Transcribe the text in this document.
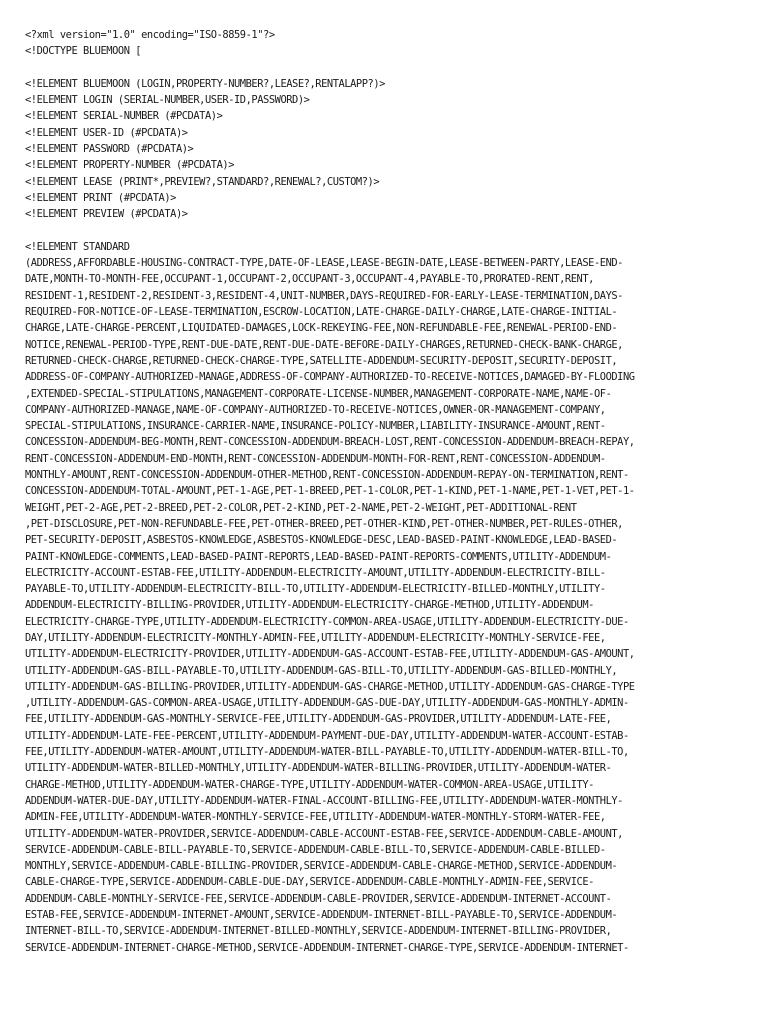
<?xml version="1.0" encoding="ISO-8859-1"?>
<!DOCTYPE BLUEMOON [
<!ELEMENT BLUEMOON (LOGIN,PROPERTY-NUMBER?,LEASE?,RENTALAPP?)>
<!ELEMENT LOGIN (SERIAL-NUMBER,USER-ID,PASSWORD)>
<!ELEMENT SERIAL-NUMBER (#PCDATA)>
<!ELEMENT USER-ID (#PCDATA)>
<!ELEMENT PASSWORD (#PCDATA)>
<!ELEMENT PROPERTY-NUMBER (#PCDATA)>
<!ELEMENT LEASE (PRINT*,PREVIEW?,STANDARD?,RENEWAL?,CUSTOM?)>
<!ELEMENT PRINT (#PCDATA)>
<!ELEMENT PREVIEW (#PCDATA)>
<!ELEMENT STANDARD
(ADDRESS,AFFORDABLE-HOUSING-CONTRACT-TYPE,DATE-OF-LEASE,LEASE-BEGIN-DATE,LEASE-BETWEEN-PARTY,LEASE-END-
DATE,MONTH-TO-MONTH-FEE,OCCUPANT-1,OCCUPANT-2,OCCUPANT-3,OCCUPANT-4,PAYABLE-TO,PRORATED-RENT,RENT,
RESIDENT-1,RESIDENT-2,RESIDENT-3,RESIDENT-4,UNIT-NUMBER,DAYS-REQUIRED-FOR-EARLY-LEASE-TERMINATION,DAYS-
REQUIRED-FOR-NOTICE-OF-LEASE-TERMINATION,ESCROW-LOCATION,LATE-CHARGE-DAILY-CHARGE,LATE-CHARGE-INITIAL-
CHARGE,LATE-CHARGE-PERCENT,LIQUIDATED-DAMAGES,LOCK-REKEYING-FEE,NON-REFUNDABLE-FEE,RENEWAL-PERIOD-END-
NOTICE,RENEWAL-PERIOD-TYPE,RENT-DUE-DATE,RENT-DUE-DATE-BEFORE-DAILY-CHARGES,RETURNED-CHECK-BANK-CHARGE,
RETURNED-CHECK-CHARGE,RETURNED-CHECK-CHARGE-TYPE,SATELLITE-ADDENDUM-SECURITY-DEPOSIT,SECURITY-DEPOSIT,
ADDRESS-OF-COMPANY-AUTHORIZED-MANAGE,ADDRESS-OF-COMPANY-AUTHORIZED-TO-RECEIVE-NOTICES,DAMAGED-BY-FLOODING
,EXTENDED-SPECIAL-STIPULATIONS,MANAGEMENT-CORPORATE-LICENSE-NUMBER,MANAGEMENT-CORPORATE-NAME,NAME-OF-
COMPANY-AUTHORIZED-MANAGE,NAME-OF-COMPANY-AUTHORIZED-TO-RECEIVE-NOTICES,OWNER-OR-MANAGEMENT-COMPANY,
SPECIAL-STIPULATIONS,INSURANCE-CARRIER-NAME,INSURANCE-POLICY-NUMBER,LIABILITY-INSURANCE-AMOUNT,RENT-
CONCESSION-ADDENDUM-BEG-MONTH,RENT-CONCESSION-ADDENDUM-BREACH-LOST,RENT-CONCESSION-ADDENDUM-BREACH-REPAY,
RENT-CONCESSION-ADDENDUM-END-MONTH,RENT-CONCESSION-ADDENDUM-MONTH-FOR-RENT,RENT-CONCESSION-ADDENDUM-
MONTHLY-AMOUNT,RENT-CONCESSION-ADDENDUM-OTHER-METHOD,RENT-CONCESSION-ADDENDUM-REPAY-ON-TERMINATION,RENT-
CONCESSION-ADDENDUM-TOTAL-AMOUNT,PET-1-AGE,PET-1-BREED,PET-1-COLOR,PET-1-KIND,PET-1-NAME,PET-1-VET,PET-1-
WEIGHT,PET-2-AGE,PET-2-BREED,PET-2-COLOR,PET-2-KIND,PET-2-NAME,PET-2-WEIGHT,PET-ADDITIONAL-RENT
,PET-DISCLOSURE,PET-NON-REFUNDABLE-FEE,PET-OTHER-BREED,PET-OTHER-KIND,PET-OTHER-NUMBER,PET-RULES-OTHER,
PET-SECURITY-DEPOSIT,ASBESTOS-KNOWLEDGE,ASBESTOS-KNOWLEDGE-DESC,LEAD-BASED-PAINT-KNOWLEDGE,LEAD-BASED-
PAINT-KNOWLEDGE-COMMENTS,LEAD-BASED-PAINT-REPORTS,LEAD-BASED-PAINT-REPORTS-COMMENTS,UTILITY-ADDENDUM-
ELECTRICITY-ACCOUNT-ESTAB-FEE,UTILITY-ADDENDUM-ELECTRICITY-AMOUNT,UTILITY-ADDENDUM-ELECTRICITY-BILL-
PAYABLE-TO,UTILITY-ADDENDUM-ELECTRICITY-BILL-TO,UTILITY-ADDENDUM-ELECTRICITY-BILLED-MONTHLY,UTILITY-
ADDENDUM-ELECTRICITY-BILLING-PROVIDER,UTILITY-ADDENDUM-ELECTRICITY-CHARGE-METHOD,UTILITY-ADDENDUM-
ELECTRICITY-CHARGE-TYPE,UTILITY-ADDENDUM-ELECTRICITY-COMMON-AREA-USAGE,UTILITY-ADDENDUM-ELECTRICITY-DUE-
DAY,UTILITY-ADDENDUM-ELECTRICITY-MONTHLY-ADMIN-FEE,UTILITY-ADDENDUM-ELECTRICITY-MONTHLY-SERVICE-FEE,
UTILITY-ADDENDUM-ELECTRICITY-PROVIDER,UTILITY-ADDENDUM-GAS-ACCOUNT-ESTAB-FEE,UTILITY-ADDENDUM-GAS-AMOUNT,
UTILITY-ADDENDUM-GAS-BILL-PAYABLE-TO,UTILITY-ADDENDUM-GAS-BILL-TO,UTILITY-ADDENDUM-GAS-BILLED-MONTHLY,
UTILITY-ADDENDUM-GAS-BILLING-PROVIDER,UTILITY-ADDENDUM-GAS-CHARGE-METHOD,UTILITY-ADDENDUM-GAS-CHARGE-TYPE
,UTILITY-ADDENDUM-GAS-COMMON-AREA-USAGE,UTILITY-ADDENDUM-GAS-DUE-DAY,UTILITY-ADDENDUM-GAS-MONTHLY-ADMIN-
FEE,UTILITY-ADDENDUM-GAS-MONTHLY-SERVICE-FEE,UTILITY-ADDENDUM-GAS-PROVIDER,UTILITY-ADDENDUM-LATE-FEE,
UTILITY-ADDENDUM-LATE-FEE-PERCENT,UTILITY-ADDENDUM-PAYMENT-DUE-DAY,UTILITY-ADDENDUM-WATER-ACCOUNT-ESTAB-
FEE,UTILITY-ADDENDUM-WATER-AMOUNT,UTILITY-ADDENDUM-WATER-BILL-PAYABLE-TO,UTILITY-ADDENDUM-WATER-BILL-TO,
UTILITY-ADDENDUM-WATER-BILLED-MONTHLY,UTILITY-ADDENDUM-WATER-BILLING-PROVIDER,UTILITY-ADDENDUM-WATER-
CHARGE-METHOD,UTILITY-ADDENDUM-WATER-CHARGE-TYPE,UTILITY-ADDENDUM-WATER-COMMON-AREA-USAGE,UTILITY-
ADDENDUM-WATER-DUE-DAY,UTILITY-ADDENDUM-WATER-FINAL-ACCOUNT-BILLING-FEE,UTILITY-ADDENDUM-WATER-MONTHLY-
ADMIN-FEE,UTILITY-ADDENDUM-WATER-MONTHLY-SERVICE-FEE,UTILITY-ADDENDUM-WATER-MONTHLY-STORM-WATER-FEE,
UTILITY-ADDENDUM-WATER-PROVIDER,SERVICE-ADDENDUM-CABLE-ACCOUNT-ESTAB-FEE,SERVICE-ADDENDUM-CABLE-AMOUNT,
SERVICE-ADDENDUM-CABLE-BILL-PAYABLE-TO,SERVICE-ADDENDUM-CABLE-BILL-TO,SERVICE-ADDENDUM-CABLE-BILLED-
MONTHLY,SERVICE-ADDENDUM-CABLE-BILLING-PROVIDER,SERVICE-ADDENDUM-CABLE-CHARGE-METHOD,SERVICE-ADDENDUM-
CABLE-CHARGE-TYPE,SERVICE-ADDENDUM-CABLE-DUE-DAY,SERVICE-ADDENDUM-CABLE-MONTHLY-ADMIN-FEE,SERVICE-
ADDENDUM-CABLE-MONTHLY-SERVICE-FEE,SERVICE-ADDENDUM-CABLE-PROVIDER,SERVICE-ADDENDUM-INTERNET-ACCOUNT-
ESTAB-FEE,SERVICE-ADDENDUM-INTERNET-AMOUNT,SERVICE-ADDENDUM-INTERNET-BILL-PAYABLE-TO,SERVICE-ADDENDUM-
INTERNET-BILL-TO,SERVICE-ADDENDUM-INTERNET-BILLED-MONTHLY,SERVICE-ADDENDUM-INTERNET-BILLING-PROVIDER,
SERVICE-ADDENDUM-INTERNET-CHARGE-METHOD,SERVICE-ADDENDUM-INTERNET-CHARGE-TYPE,SERVICE-ADDENDUM-INTERNET-
